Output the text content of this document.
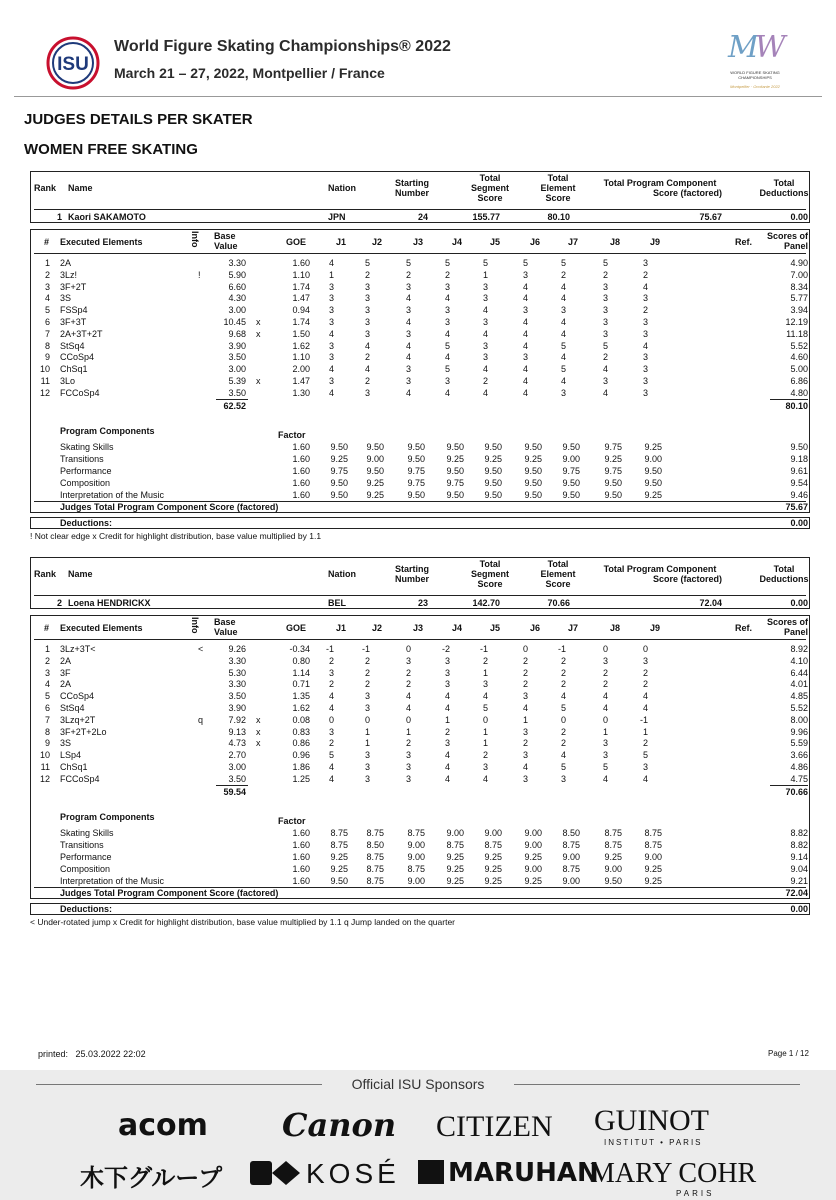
ISU
World Figure Skating Championships® 2022
March 21 – 27, 2022, Montpellier / France
MW
WORLD FIGURE SKATING CHAMPIONSHIPS
Montpellier · Occitanie 2022
JUDGES DETAILS PER SKATER
WOMEN FREE SKATING
Rank Name	Nation	Starting
Number
Total
Segment
Score
Total
Element
Score
Total Program Component
Score (factored)
Total
Deductions
1 Kaori SAKAMOTO	JPN	24	155.77	80.10	75.67	0.00
# Executed Elements	Info Base
Value	GOE	J1	J2	J3	J4	J5	J6	J7	J8	J9	Ref.
Scores of
Panel
1 2A	3.30	1.60	4	5	5	5	5	5	5	5	3	4.90
2 3Lz!	!	5.90	1.10	1	2	2	2	1	3	2	2	2	7.00
3 3F+2T	6.60	1.74	3	3	3	3	3	4	4	3	4	8.34
4 3S	4.30	1.47	3	3	4	4	3	4	4	3	3	5.77
5 FSSp4	3.00	0.94	3	3	3	3	4	3	3	3	2	3.94
6 3F+3T	10.45 x	1.74	3	3	4	3	3	4	4	3	3	12.19
7 2A+3T+2T	9.68 x	1.50	4	3	3	4	4	4	4	3	3	11.18
8 StSq4	3.90	1.62	3	4	4	5	3	4	5	5	4	5.52
9 CCoSp4	3.50	1.10	3	2	4	4	3	3	4	2	3	4.60
10 ChSq1	3.00	2.00	4	4	3	5	4	4	5	4	3	5.00
11 3Lo	5.39 x	1.47	3	2	3	3	2	4	4	3	3	6.86
12 FCCoSp4	3.50	1.30	4	3	4	4	4	4	3	4	3	4.80
62.52	80.10
Program Components	Factor
Skating Skills	1.60	9.50	9.50	9.50	9.50	9.50	9.50	9.50	9.75	9.25	9.50
Transitions	1.60	9.25	9.00	9.50	9.25	9.25	9.25	9.00	9.25	9.00	9.18
Performance	1.60	9.75	9.50	9.75	9.50	9.50	9.50	9.75	9.75	9.50	9.61
Composition	1.60	9.50	9.25	9.75	9.75	9.50	9.50	9.50	9.50	9.50	9.54
Interpretation of the Music	1.60	9.50	9.25	9.50	9.50	9.50	9.50	9.50	9.50	9.25	9.46
Judges Total Program Component Score (factored)	75.67
Deductions:	0.00
! Not clear edge x Credit for highlight distribution, base value multiplied by 1.1
Rank Name	Nation	Starting
Number
Total
Segment
Score
Total
Element
Score
Total Program Component
Score (factored)
Total
Deductions
2 Loena HENDRICKX	BEL	23	142.70	70.66	72.04	0.00
# Executed Elements	Info Base
Value	GOE	J1	J2	J3	J4	J5	J6	J7	J8	J9	Ref.
Scores of
Panel
1 3Lz+3T<	<	9.26	-0.34	-1	-1	0	-2	-1	0	-1	0	0	8.92
2 2A	3.30	0.80	2	2	3	3	2	2	2	3	3	4.10
3 3F	5.30	1.14	3	2	2	3	1	2	2	2	2	6.44
4 2A	3.30	0.71	2	2	2	3	3	2	2	2	2	4.01
5 CCoSp4	3.50	1.35	4	3	4	4	4	3	4	4	4	4.85
6 StSq4	3.90	1.62	4	3	4	4	5	4	5	4	4	5.52
7 3Lzq+2T	q	7.92 x	0.08	0	0	0	1	0	1	0	0	-1	8.00
8 3F+2T+2Lo	9.13 x	0.83	3	1	1	2	1	3	2	1	1	9.96
9 3S	4.73 x	0.86	2	1	2	3	1	2	2	3	2	5.59
10 LSp4	2.70	0.96	5	3	3	4	2	3	4	3	5	3.66
11 ChSq1	3.00	1.86	4	3	3	4	3	4	5	5	3	4.86
12 FCCoSp4	3.50	1.25	4	3	3	4	4	3	3	4	4	4.75
59.54	70.66
Program Components	Factor
Skating Skills	1.60	8.75	8.75	8.75	9.00	9.00	9.00	8.50	8.75	8.75	8.82
Transitions	1.60	8.75	8.50	9.00	8.75	8.75	9.00	8.75	8.75	8.75	8.82
Performance	1.60	9.25	8.75	9.00	9.25	9.25	9.25	9.00	9.25	9.00	9.14
Composition	1.60	9.25	8.75	8.75	9.25	9.25	9.00	8.75	9.00	9.25	9.04
Interpretation of the Music	1.60	9.50	8.75	9.00	9.25	9.25	9.25	9.00	9.50	9.25	9.21
Judges Total Program Component Score (factored)	72.04
Deductions:	0.00
< Under-rotated jump x Credit for highlight distribution, base value multiplied by 1.1 q Jump landed on the quarter
printed: 25.03.2022 22:02	Page 1 / 12
Official ISU Sponsors
acom Canon CITIZEN GUINOT
INSTITUT • PARIS
木下グループ	KOSÉ	MARUHAN
MARY COHR
PARIS
